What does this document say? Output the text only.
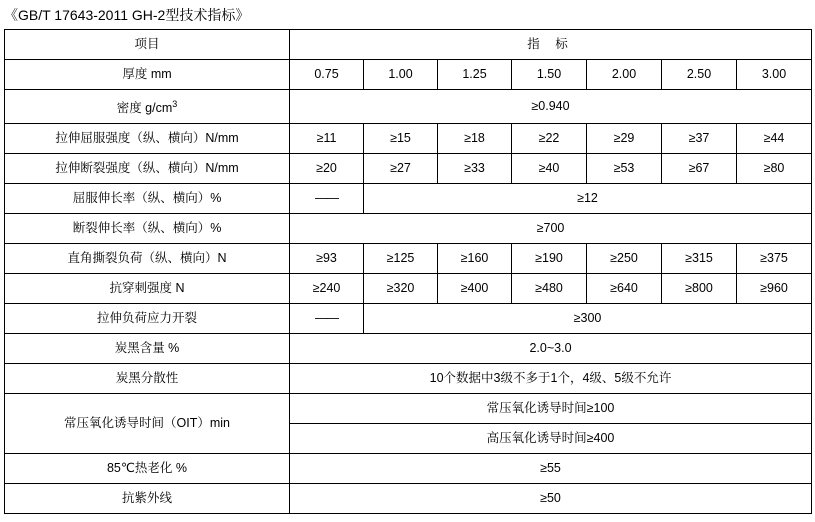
《GB/T 17643-2011 GH-2型技术指标》
项目	指 标						
厚度 mm	0.75	1.00	1.25	1.50	2.00	2.50	3.00
密度 $g/cm^3$	≥0.940						
拉伸屈服强度（纵、横向）N/mm	≥11	≥15	≥18	≥22	≥29	≥37	≥44
拉伸断裂强度（纵、横向）N/mm	≥20	≥27	≥33	≥40	≥53	≥67	≥80
屈服伸长率（纵、横向）%	——	≥12					
断裂伸长率（纵、横向）%	≥700						
直角撕裂负荷（纵、横向）N	≥93	≥125	≥160	≥190	≥250	≥315	≥375
抗穿刺强度 N	≥240	≥320	≥400	≥480	≥640	≥800	≥960
拉伸负荷应力开裂	——	≥300					
炭黑含量 %	2.0~3.0						
炭黑分散性	10个数据中3级不多于1个，4级、5级不允许						
常压氧化诱导时间（OIT）min	常压氧化诱导时间≥100						
	高压氧化诱导时间≥400						
85℃热老化 %	≥55						
抗紫外线	≥50						
